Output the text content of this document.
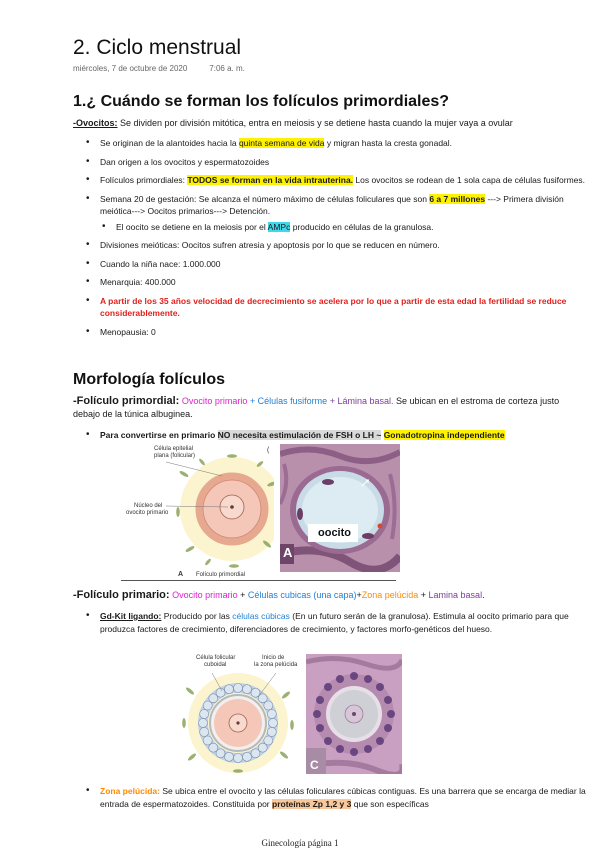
2. Ciclo menstrual
miércoles, 7 de octubre de 2020	7:06 a. m.
1.¿ Cuándo se forman los folículos primordiales?
-Ovocitos: Se dividen por división mitótica, entra en meiosis y se detiene hasta cuando la mujer vaya a ovular
• Se originan de la alantoides hacia la quinta semana de vida y migran hasta la cresta gonadal.
• Dan origen a los ovocitos y espermatozoides
• Folículos primordiales: TODOS se forman en la vida intrauterina. Los ovocitos se rodean de 1 sola capa de células fusiformes.
• Semana 20 de gestación: Se alcanza el número máximo de células foliculares que son 6 a 7 millones ---> Primera división meiótica---> Oocitos primarios---> Detención.
• El oocito se detiene en la meiosis por el AMPc producido en células de la granulosa.
• Divisiones meióticas: Oocitos sufren atresia y apoptosis por lo que se reducen en número.
• Cuando la niña nace: 1.000.000
• Menarquia: 400.000
• A partir de los 35 años velocidad de decrecimiento se acelera por lo que a partir de esta edad la fertilidad se reduce considerablemente.
• Menopausia: 0
Morfología folículos
-Folículo primordial: Ovocito primario + Células fusiforme + Lámina basal. Se ubican en el estroma de corteza justo debajo de la túnica albuginea.
• Para convertirse en primario NO necesita estimulación de FSH o LH ~ Gonadotropina independiente
Célula epitelial
plana (folicular)
Núcleo del
ovocito primario
A Folículo primordial
(
oocito
A
-Folículo primario: Ovocito primario + Células cubicas (una capa)+Zona pelúcida + Lamina basal.
• Gd-Kit ligando: Producido por las células cúbicas (En un futuro serán de la granulosa). Estimula al oocito primario para que produzca factores de crecimiento, diferenciadores de crecimiento, y factores morfo-genéticos del hueso.
Célula folicular
cuboidal
Inicio de
la zona pelúcida
C
• Zona pelúcida: Se ubica entre el ovocito y las células foliculares cúbicas contiguas. Es una barrera que se encarga de mediar la entrada de espermatozoides. Constituida por proteínas Zp 1,2 y 3 que son específicas
Ginecología página 1
